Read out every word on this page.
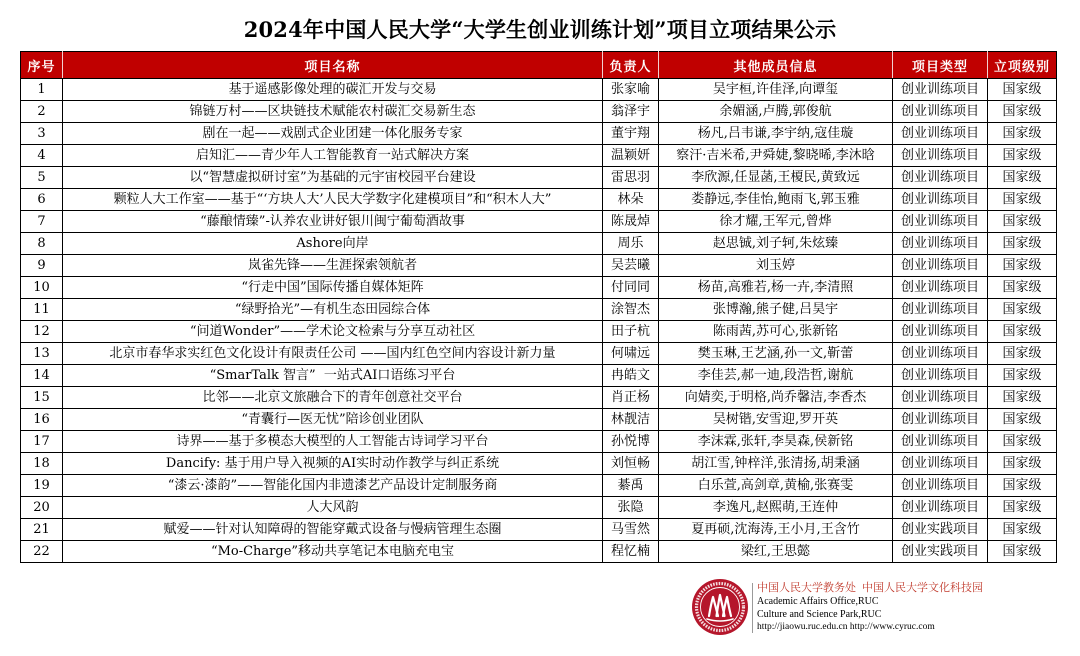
2024年中国人民大学“大学生创业训练计划”项目立项结果公示
序号	项目名称	负责人	其他成员信息	项目类型	立项级别
1	基于遥感影像处理的碳汇开发与交易	张家喻	吴宇桓,许佳泽,向谭玺	创业训练项目	国家级
2	锦链万村——区块链技术赋能农村碳汇交易新生态	翁泽宇	余媚涵,卢腾,郭俊航	创业训练项目	国家级
3	剧在一起——戏剧式企业团建一体化服务专家	董宇翔	杨凡,吕韦谦,李宇纳,寇佳璇	创业训练项目	国家级
4	启知汇——青少年人工智能教育一站式解决方案	温颖妍	察汗·吉米希,尹舜婕,黎晓晞,李沐晗	创业训练项目	国家级
5	以“智慧虚拟研讨室”为基础的元宇宙校园平台建设	雷思羽	李欣源,任显菡,王榎民,黄致远	创业训练项目	国家级
6	颗粒人大工作室——基于“‘方块人大’人民大学数字化建模项目”和“积木人大”	林朵	娄静远,李佳怡,鲍雨飞,郭玉雅	创业训练项目	国家级
7	“藤酿情臻”-认养农业讲好银川闽宁葡萄酒故事	陈晟焯	徐才耀,王军元,曾烨	创业训练项目	国家级
8	Ashore向岸	周乐	赵思铖,刘子轲,朱炫臻	创业训练项目	国家级
9	岚雀先锋——生涯探索领航者	吴芸曦	刘玉婷	创业训练项目	国家级
10	“行走中国”国际传播自媒体矩阵	付同同	杨苗,高雅若,杨一卉,李清照	创业训练项目	国家级
11	“绿野拾光”—有机生态田园综合体	涂智杰	张博瀚,熊子健,吕昊宇	创业训练项目	国家级
12	“问道Wonder”——学术论文检索与分享互动社区	田子杭	陈雨茜,苏可心,张新铭	创业训练项目	国家级
13	北京市春华求实红色文化设计有限责任公司 ——国内红色空间内容设计新力量	何啸远	樊玉琳,王艺涵,孙一文,靳蕾	创业训练项目	国家级
14	“SmarTalk 智言”  一站式AI口语练习平台	冉皓文	李佳芸,郝一迪,段浩哲,谢航	创业训练项目	国家级
15	比邻——北京文旅融合下的青年创意社交平台	肖正杨	向婧奕,于明格,尚乔馨洁,李香杰	创业训练项目	国家级
16	“青囊行—医无忧”陪诊创业团队	林靓洁	吴树锴,安雪迎,罗开英	创业训练项目	国家级
17	诗界——基于多模态大模型的人工智能古诗词学习平台	孙悦博	李沫霖,张轩,李昊森,侯新铭	创业训练项目	国家级
18	Dancify: 基于用户导入视频的AI实时动作教学与纠正系统	刘恒畅	胡江雪,钟梓洋,张清扬,胡秉涵	创业训练项目	国家级
19	“漆云·漆韵”——智能化国内非遗漆艺产品设计定制服务商	綦禹	白乐萱,高剑章,黄榆,张赛雯	创业训练项目	国家级
20	人大风韵	张隐	李逸凡,赵熙萌,王连仲	创业训练项目	国家级
21	赋爱——针对认知障碍的智能穿戴式设备与慢病管理生态圈	马雪然	夏再硕,沈海涛,王小月,王含竹	创业实践项目	国家级
22	“Mo-Charge”移动共享笔记本电脑充电宝	程忆楠	梁红,王思懿	创业实践项目	国家级
中国人民大学教务处 中国人民大学文化科技园
Academic Affairs Office,RUC
Culture and Science Park,RUC
http://jiaowu.ruc.edu.cn http://www.cyruc.com
